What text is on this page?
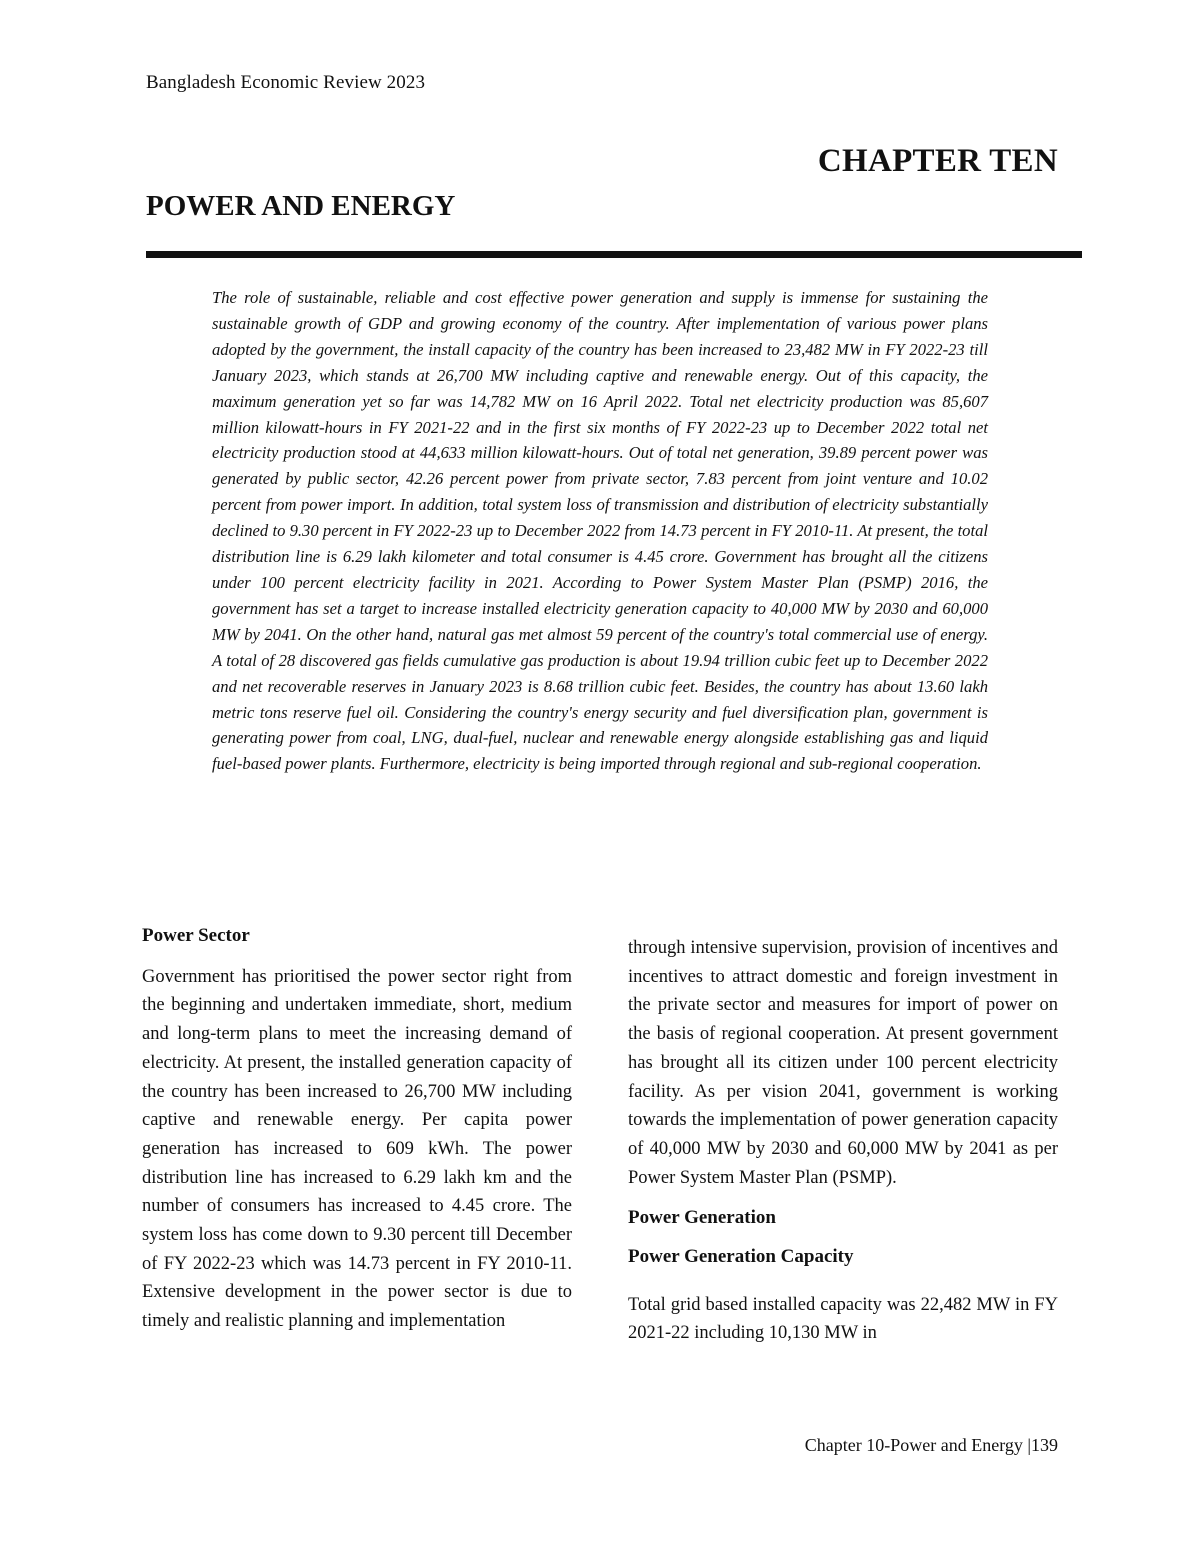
Bangladesh Economic Review 2023
CHAPTER TEN
POWER AND ENERGY

The role of sustainable, reliable and cost effective power generation and supply is immense for sustaining the sustainable growth of GDP and growing economy of the country. After implementation of various power plans adopted by the government, the install capacity of the country has been increased to 23,482 MW in FY 2022-23 till January 2023, which stands at 26,700 MW including captive and renewable energy. Out of this capacity, the maximum generation yet so far was 14,782 MW on 16 April 2022. Total net electricity production was 85,607 million kilowatt-hours in FY 2021-22 and in the first six months of FY 2022-23 up to December 2022 total net electricity production stood at 44,633 million kilowatt-hours. Out of total net generation, 39.89 percent power was generated by public sector, 42.26 percent power from private sector, 7.83 percent from joint venture and 10.02 percent from power import. In addition, total system loss of transmission and distribution of electricity substantially declined to 9.30 percent in FY 2022-23 up to December 2022 from 14.73 percent in FY 2010-11. At present, the total distribution line is 6.29 lakh kilometer and total consumer is 4.45 crore. Government has brought all the citizens under 100 percent electricity facility in 2021. According to Power System Master Plan (PSMP) 2016, the government has set a target to increase installed electricity generation capacity to 40,000 MW by 2030 and 60,000 MW by 2041. On the other hand, natural gas met almost 59 percent of the country's total commercial use of energy. A total of 28 discovered gas fields cumulative gas production is about 19.94 trillion cubic feet up to December 2022 and net recoverable reserves in January 2023 is 8.68 trillion cubic feet. Besides, the country has about 13.60 lakh metric tons reserve fuel oil. Considering the country's energy security and fuel diversification plan, government is generating power from coal, LNG, dual-fuel, nuclear and renewable energy alongside establishing gas and liquid fuel-based power plants. Furthermore, electricity is being imported through regional and sub-regional cooperation.

Power Sector

Government has prioritised the power sector right from the beginning and undertaken immediate, short, medium and long-term plans to meet the increasing demand of electricity. At present, the installed generation capacity of the country has been increased to 26,700 MW including captive and renewable energy. Per capita power generation has increased to 609 kWh. The power distribution line has increased to 6.29 lakh km and the number of consumers has increased to 4.45 crore. The system loss has come down to 9.30 percent till December of FY 2022-23 which was 14.73 percent in FY 2010-11. Extensive development in the power sector is due to timely and realistic planning and implementation

through intensive supervision, provision of incentives and incentives to attract domestic and foreign investment in the private sector and measures for import of power on the basis of regional cooperation. At present government has brought all its citizen under 100 percent electricity facility. As per vision 2041, government is working towards the implementation of power generation capacity of 40,000 MW by 2030 and 60,000 MW by 2041 as per Power System Master Plan (PSMP).

Power Generation
Power Generation Capacity

Total grid based installed capacity was 22,482 MW in FY 2021-22 including 10,130 MW in

Chapter 10-Power and Energy |139
